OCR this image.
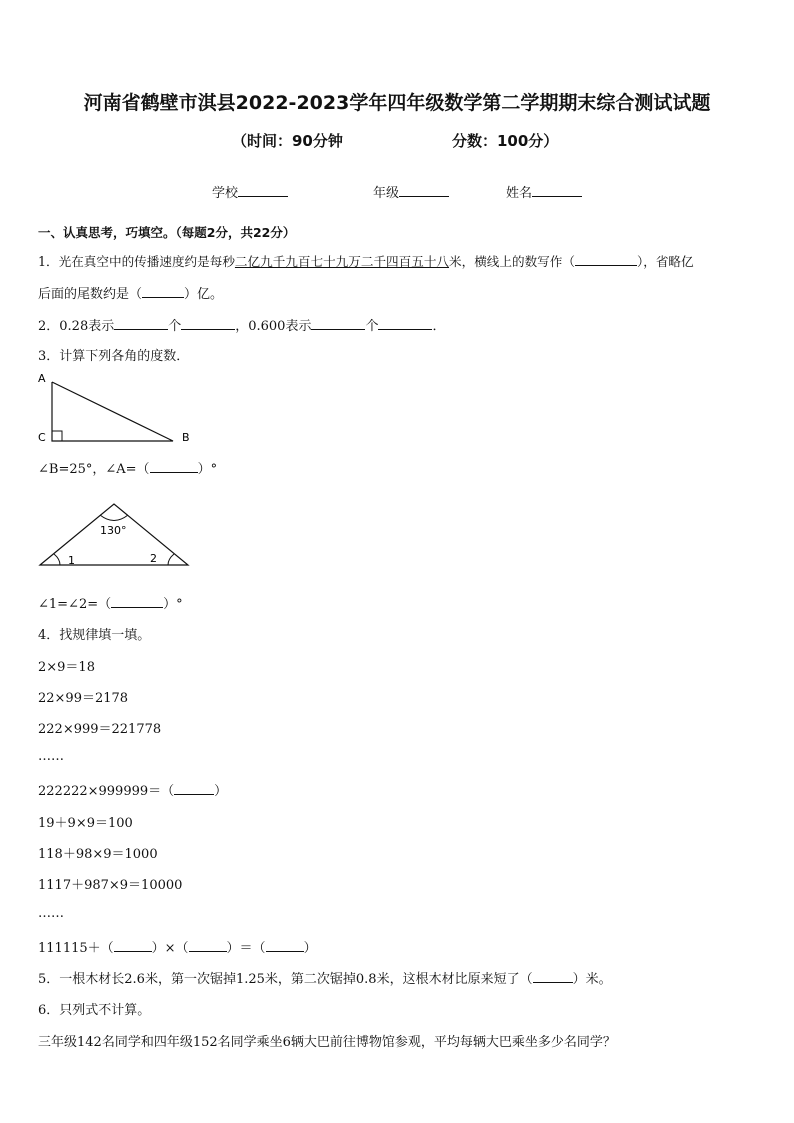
河南省鹤壁市淇县2022-2023学年四年级数学第二学期期末综合测试试题
（时间：90分钟	分数：100分）
学校	年级	姓名
一、认真思考，巧填空。（每题2分，共22分）
1．光在真空中的传播速度约是每秒二亿九千九百七十九万二千四百五十八米，横线上的数写作（	），省略亿
后面的尾数约是（	）亿。
2．0.28表示	个	，0.600表示	个	．
3．计算下列各角的度数．
A
C	B
∠B=25°，∠A=（	）°
130°
1	2
∠1=∠2=（	）°
4．找规律填一填。
2×9＝18
22×99＝2178
222×999＝221778
……
222222×999999＝（	）
19＋9×9＝100
118＋98×9＝1000
1117＋987×9＝10000
……
111115＋（	）×（	）＝（	）
5．一根木材长2.6米，第一次锯掉1.25米，第二次锯掉0.8米，这根木材比原来短了（	）米。
6．只列式不计算。
三年级142名同学和四年级152名同学乘坐6辆大巴前往博物馆参观，平均每辆大巴乘坐多少名同学？
